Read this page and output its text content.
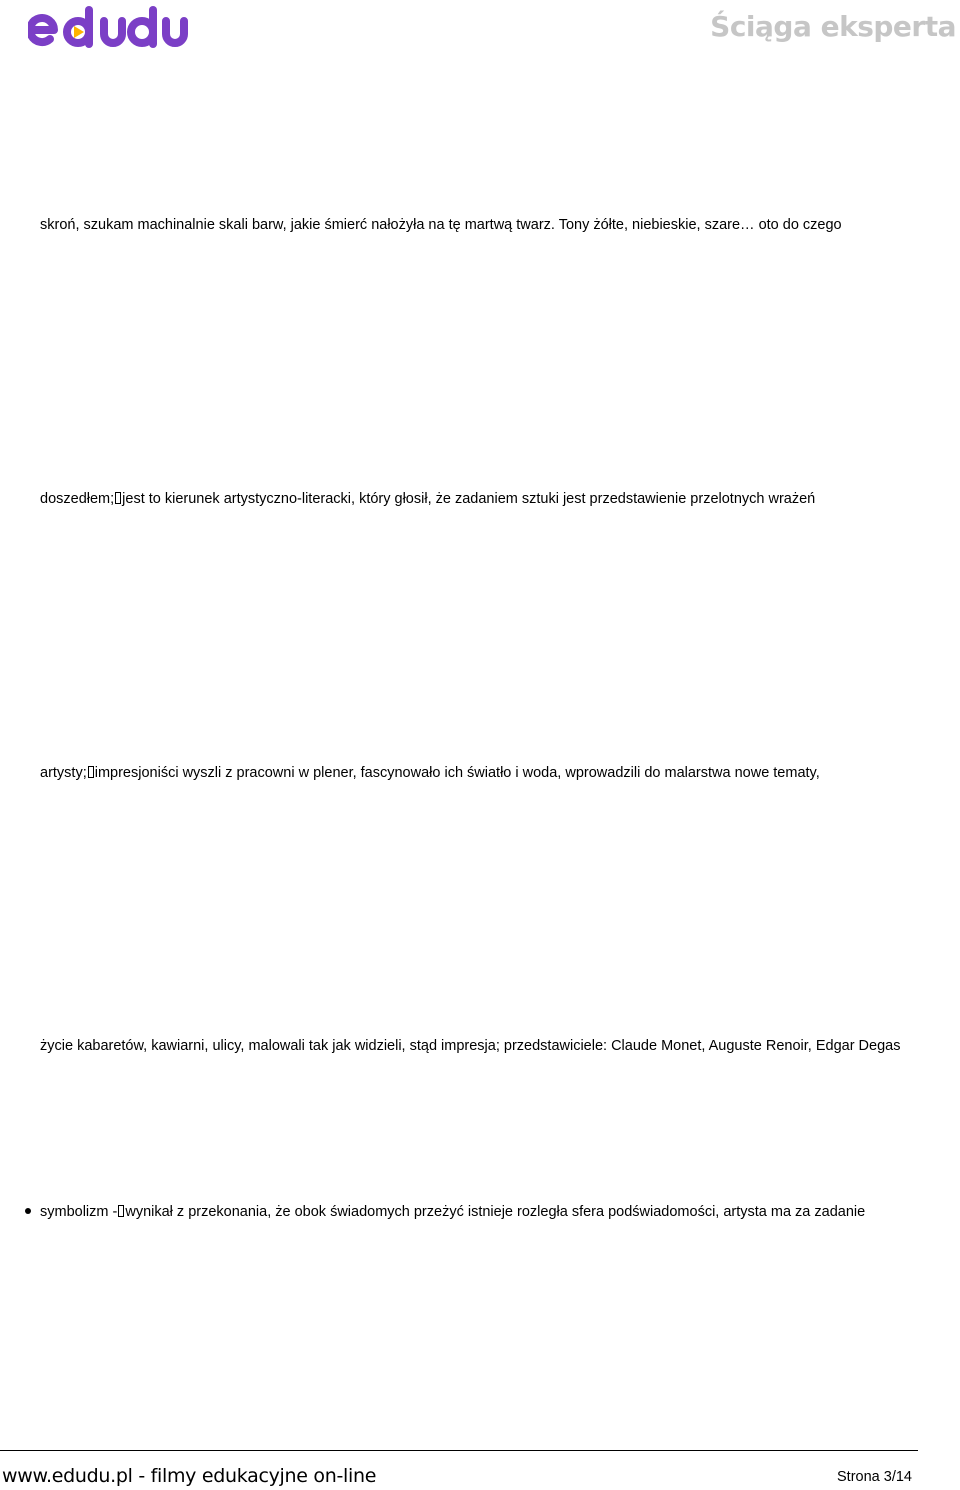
Ściąga eksperta
skroń, szukam machinalnie skali barw, jakie śmierć nałożyła na tę martwą twarz. Tony żółte, niebieskie, szare… oto do czego
doszedłem; jest to kierunek artystyczno-literacki, który głosił, że zadaniem sztuki jest przedstawienie przelotnych wrażeń
artysty; impresjoniści wyszli z pracowni w plener, fascynowało ich światło i woda, wprowadzili do malarstwa nowe tematy,
życie kabaretów, kawiarni, ulicy, malowali tak jak widzieli, stąd impresja; przedstawiciele: Claude Monet, Auguste Renoir, Edgar Degas
symbolizm - wynikał z przekonania, że obok świadomych przeżyć istnieje rozległa sfera podświadomości, artysta ma za zadanie
www.edudu.pl - filmy edukacyjne on-line	Strona 3/14
